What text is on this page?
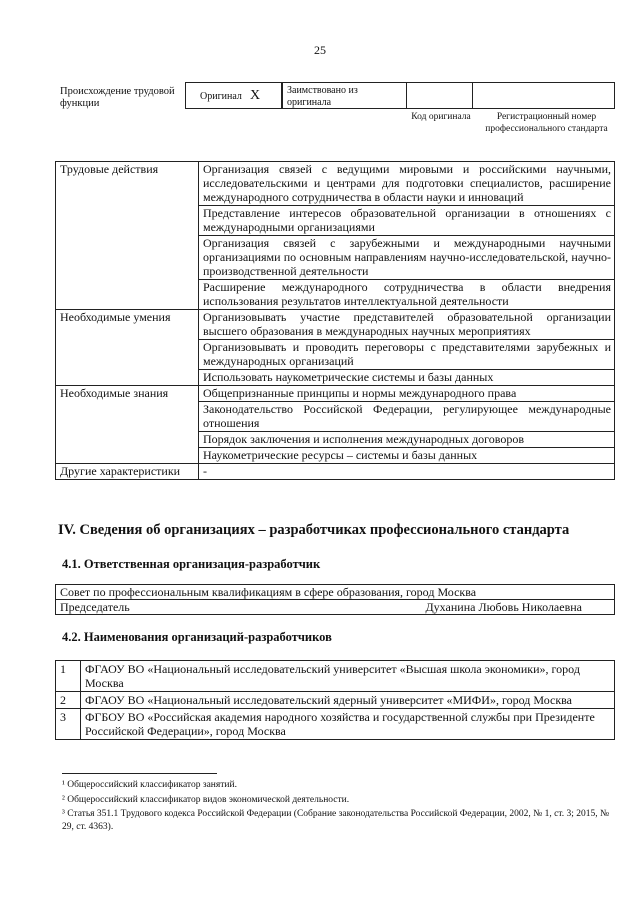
25
Происхождение трудовой функции
Оригинал X	Заимствовано из оригинала
Код оригинала	Регистрационный номер профессионального стандарта
Трудовые действия	Организация связей с ведущими мировыми и российскими научными, исследовательскими и центрами для подготовки специалистов, расширение международного сотрудничества в области науки и инноваций
	Представление интересов образовательной организации в отношениях с международными организациями
	Организация связей с зарубежными и международными научными организациями по основным направлениям научно-исследовательской, научно-производственной деятельности
	Расширение международного сотрудничества в области внедрения использования результатов интеллектуальной деятельности
Необходимые умения	Организовывать участие представителей образовательной организации высшего образования в международных научных мероприятиях
	Организовывать и проводить переговоры с представителями зарубежных и международных организаций
	Использовать наукометрические системы и базы данных
Необходимые знания	Общепризнанные принципы и нормы международного права
	Законодательство Российской Федерации, регулирующее международные отношения
	Порядок заключения и исполнения международных договоров
	Наукометрические ресурсы – системы и базы данных
Другие характеристики	-
IV. Сведения об организациях – разработчиках профессионального стандарта
4.1. Ответственная организация-разработчик
Совет по профессиональным квалификациям в сфере образования, город Москва
Председатель	Духанина Любовь Николаевна
4.2. Наименования организаций-разработчиков
1	ФГАОУ ВО «Национальный исследовательский университет «Высшая школа экономики», город Москва
2	ФГАОУ ВО «Национальный исследовательский ядерный университет «МИФИ», город Москва
3	ФГБОУ ВО «Российская академия народного хозяйства и государственной службы при Президенте Российской Федерации», город Москва

¹ Общероссийский классификатор занятий.

² Общероссийский классификатор видов экономической деятельности.

³ Статья 351.1 Трудового кодекса Российской Федерации (Собрание законодательства Российской Федерации, 2002, № 1, ст. 3; 2015, № 29, ст. 4363).
